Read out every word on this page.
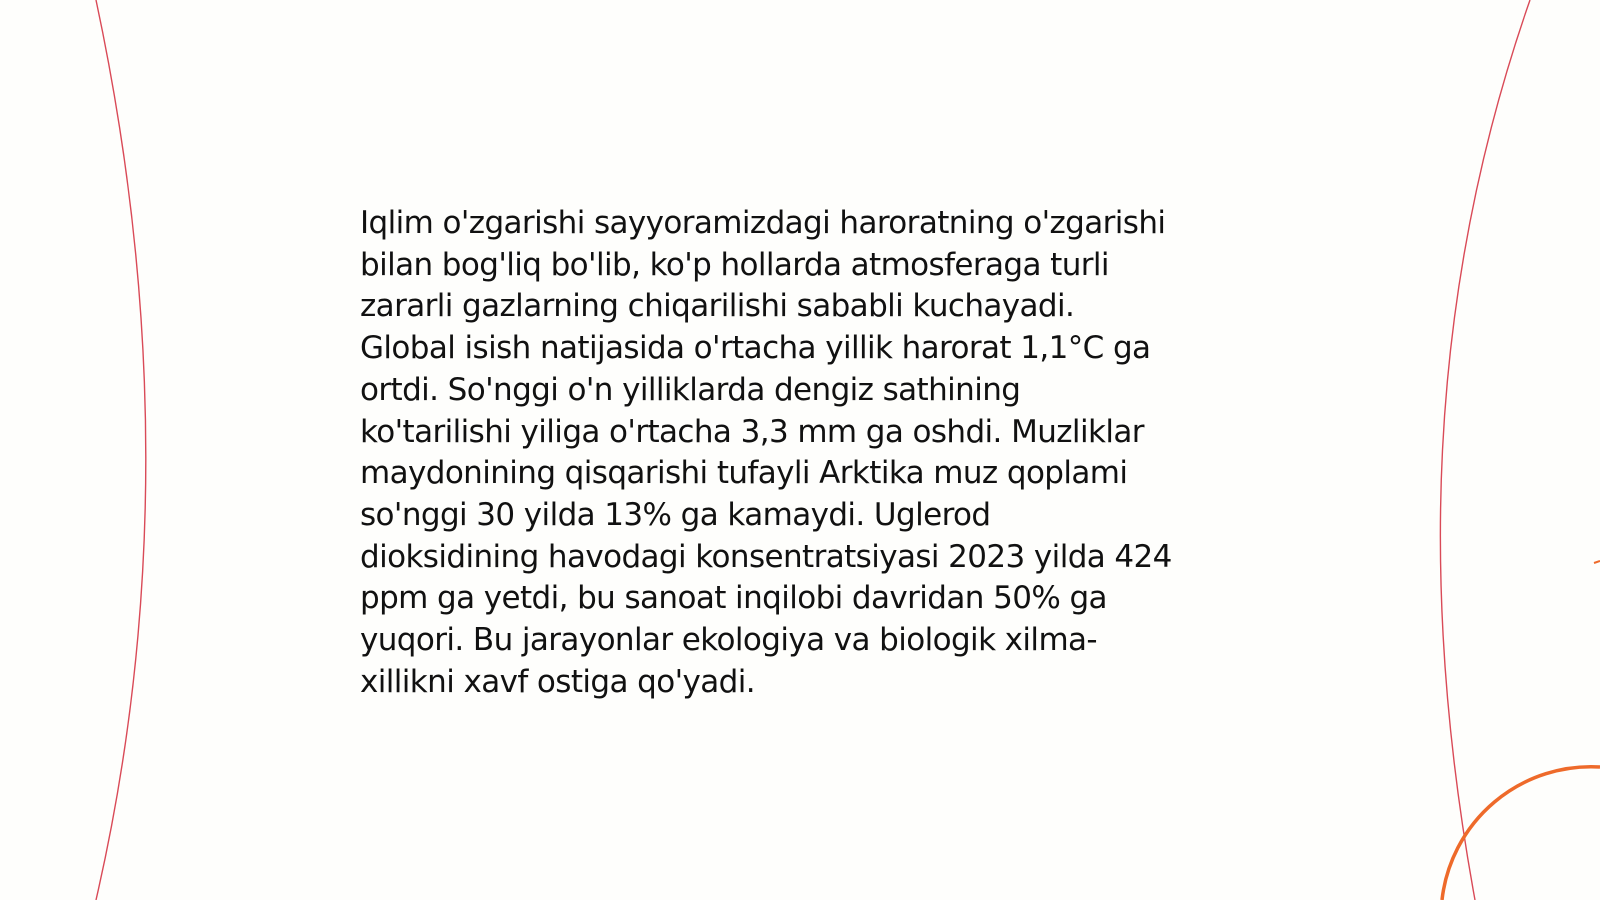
Iqlim o'zgarishi sayyoramizdagi haroratning o'zgarishi
bilan bog'liq bo'lib, ko'p hollarda atmosferaga turli
zararli gazlarning chiqarilishi sababli kuchayadi.
Global isish natijasida o'rtacha yillik harorat 1,1°C ga
ortdi. So'nggi o'n yilliklarda dengiz sathining
ko'tarilishi yiliga o'rtacha 3,3 mm ga oshdi. Muzliklar
maydonining qisqarishi tufayli Arktika muz qoplami
so'nggi 30 yilda 13% ga kamaydi. Uglerod
dioksidining havodagi konsentratsiyasi 2023 yilda 424
ppm ga yetdi, bu sanoat inqilobi davridan 50% ga
yuqori. Bu jarayonlar ekologiya va biologik xilma-
xillikni xavf ostiga qo'yadi.
